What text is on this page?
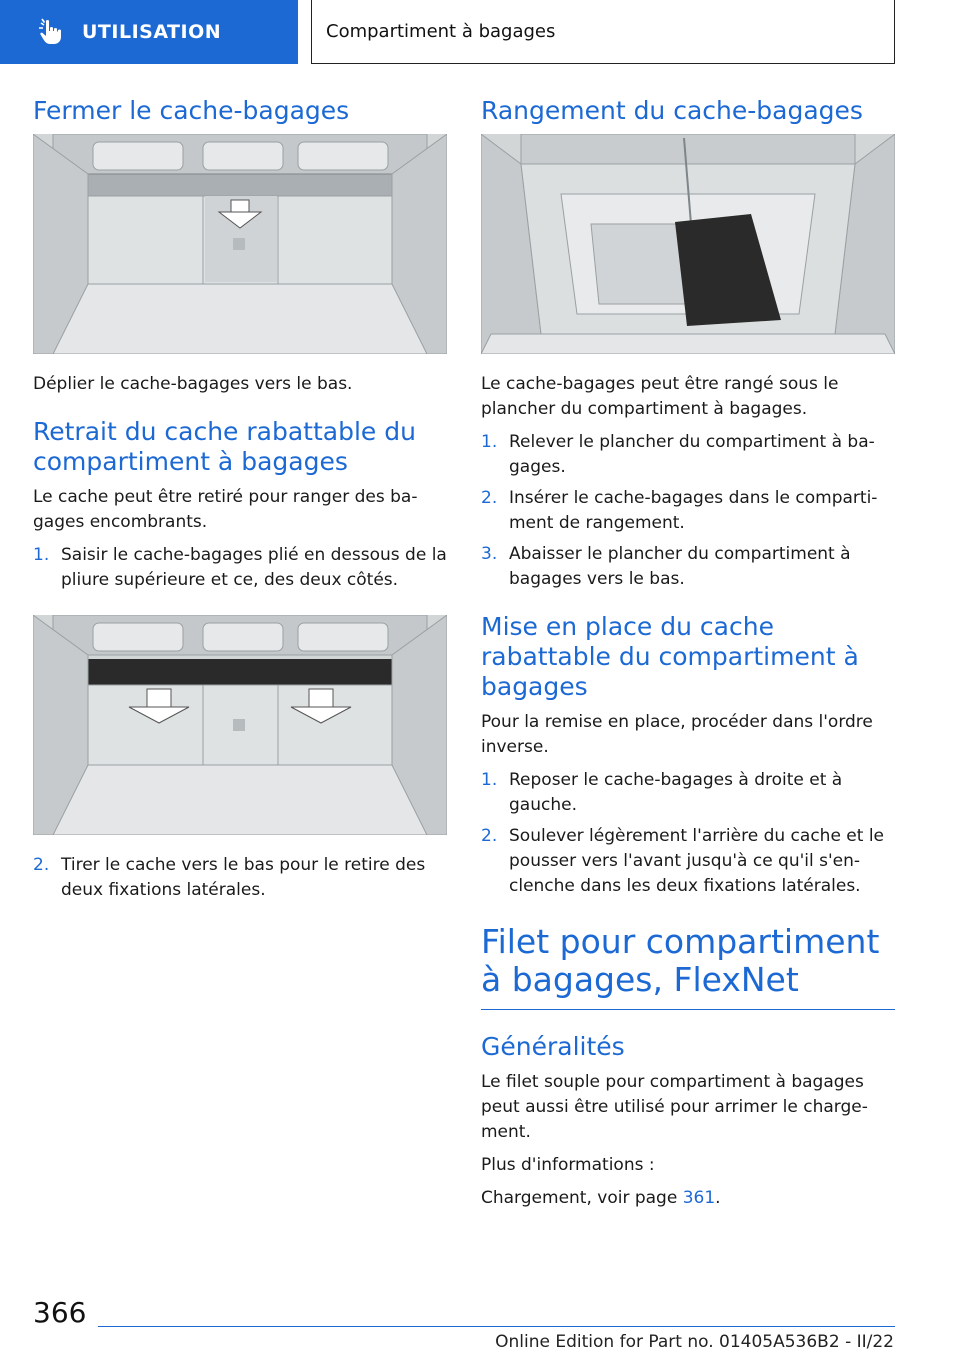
UTILISATION	Compartiment à bagages
Fermer le cache-bagages

Déplier le cache-bagages vers le bas.

Retrait du cache rabattable du compartiment à bagages

Le cache peut être retiré pour ranger des ba-gages encombrants.

1. Saisir le cache-bagages plié en dessous de la pliure supérieure et ce, des deux côtés.
2. Tirer le cache vers le bas pour le retire des deux fixations latérales.
Rangement du cache-bagages

Le cache-bagages peut être rangé sous le plancher du compartiment à bagages.

1. Relever le plancher du compartiment à ba-gages.
2. Insérer le cache-bagages dans le comparti-ment de rangement.
3. Abaisser le plancher du compartiment à bagages vers le bas.
Mise en place du cache rabattable du compartiment à bagages

Pour la remise en place, procéder dans l'ordre inverse.

1. Reposer le cache-bagages à droite et à gauche.
2. Soulever légèrement l'arrière du cache et le pousser vers l'avant jusqu'à ce qu'il s'en-clenche dans les deux fixations latérales.
Filet pour compartiment à bagages, FlexNet
Généralités

Le filet souple pour compartiment à bagages peut aussi être utilisé pour arrimer le charge-ment.

Plus d'informations :

Chargement, voir page 361.

366
Online Edition for Part no. 01405A536B2 - II/22
